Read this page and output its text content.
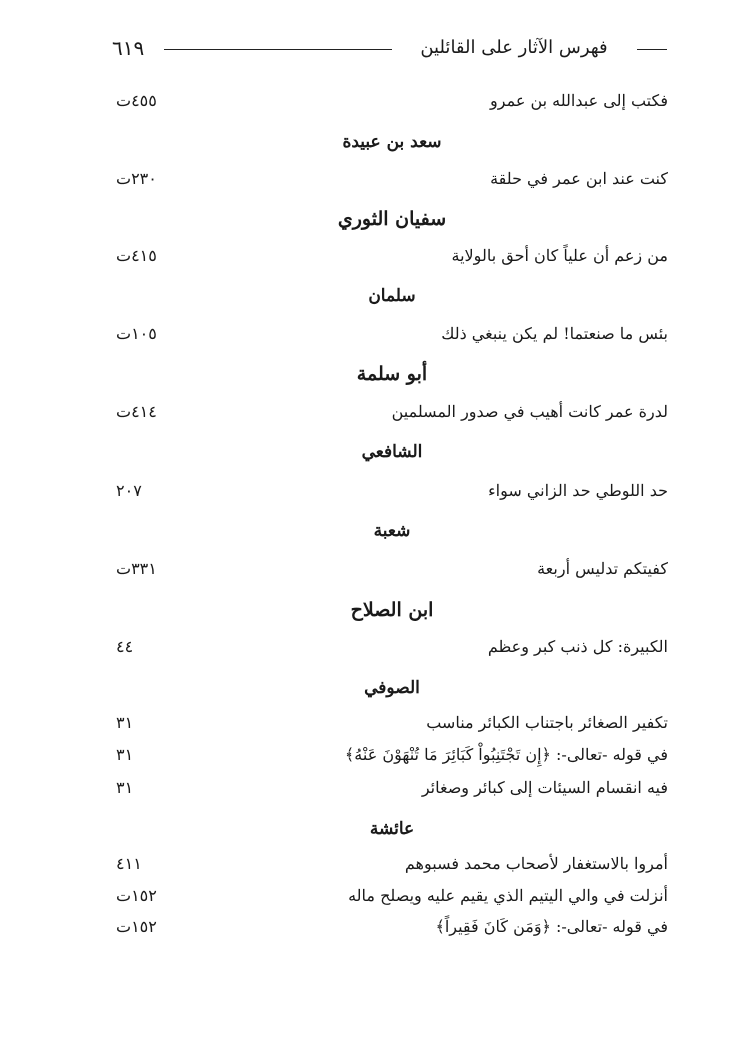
٦١٩	فهرس الآثار على القائلين
٤٥٥ت	فكتب إلى عبدالله بن عمرو
سعد بن عبيدة
٢٣٠ت	كنت عند ابن عمر في حلقة
سفيان الثوري
٤١٥ت	من زعم أن علياً كان أحق بالولاية
سلمان
١٠٥ت	بئس ما صنعتما! لم يكن ينبغي ذلك
أبو سلمة
٤١٤ت	لدرة عمر كانت أهيب في صدور المسلمين
الشافعي
٢٠٧	حد اللوطي حد الزاني سواء
شعبة
٣٣١ت	كفيتكم تدليس أربعة
ابن الصلاح
٤٤	الكبيرة: كل ذنب كبر وعظم
الصوفي
٣١	تكفير الصغائر باجتناب الكبائر مناسب
٣١	في قوله -تعالى-: ﴿إِن تَجْتَنِبُواْ كَبَائِرَ مَا تُنْهَوْنَ عَنْهُ﴾
٣١	فيه انقسام السيئات إلى كبائر وصغائر
عائشة
٤١١	أمروا بالاستغفار لأصحاب محمد فسبوهم
١٥٢ت	أنزلت في والي اليتيم الذي يقيم عليه ويصلح ماله
١٥٢ت	في قوله -تعالى-: ﴿وَمَن كَانَ فَقِيراً﴾
